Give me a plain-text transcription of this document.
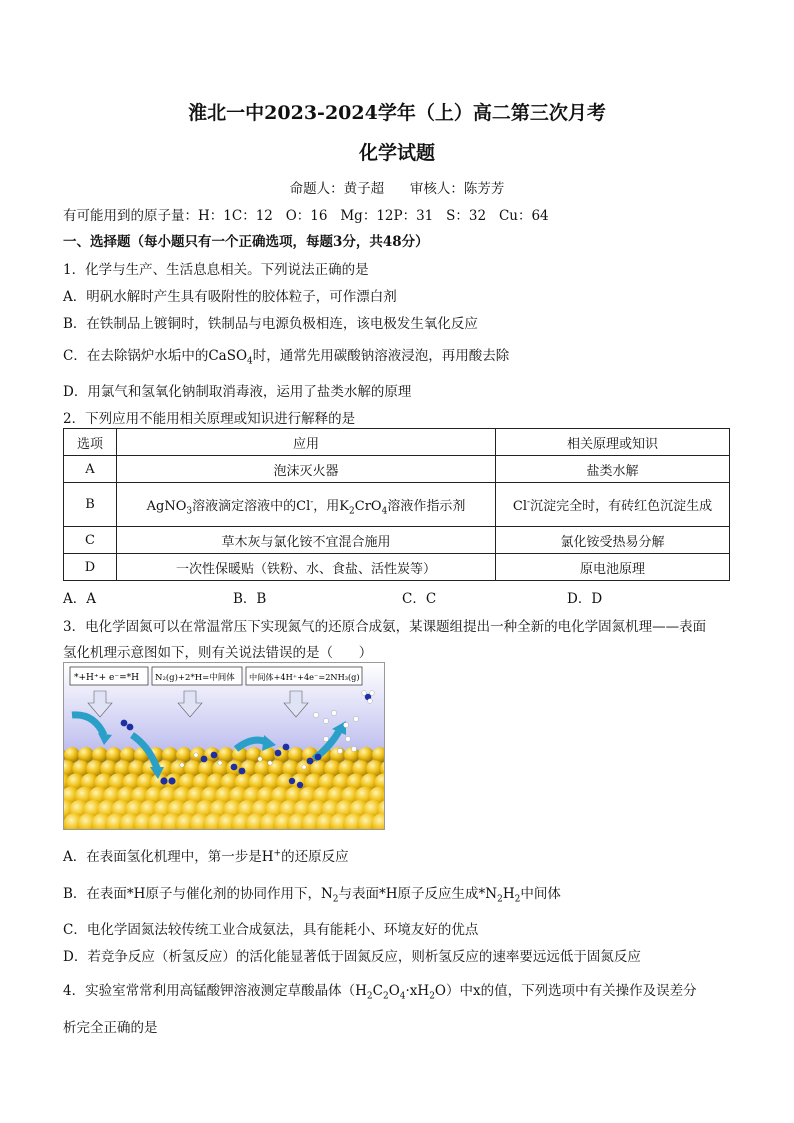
淮北一中2023-2024学年（上）高二第三次月考
化学试题
命题人：黄子超      审核人：陈芳芳
有可能用到的原子量：H：1C：12   O：16   Mg：12P：31   S：32   Cu：64
一、选择题（每小题只有一个正确选项，每题3分，共48分）
1．化学与生产、生活息息相关。下列说法正确的是
A．明矾水解时产生具有吸附性的胶体粒子，可作漂白剂
B．在铁制品上镀铜时，铁制品与电源负极相连，该电极发生氧化反应
C．在去除锅炉水垢中的CaSO$_4$时，通常先用碳酸钠溶液浸泡，再用酸去除
D．用氯气和氢氧化钠制取消毒液，运用了盐类水解的原理
2．下列应用不能用相关原理或知识进行解释的是
选项	应用	相关原理或知识
A	泡沫灭火器	盐类水解
B	AgNO$_3$溶液滴定溶液中的Cl-，用$K_2CrO_4$溶液作指示剂	Cl-沉淀完全时，有砖红色沉淀生成
C	草木灰与氯化铵不宜混合施用	氯化铵受热易分解
D	一次性保暖贴（铁粉、水、食盐、活性炭等）	原电池原理
A．A	B．B	C．C	D．D
3．电化学固氮可以在常温常压下实现氮气的还原合成氨，某课题组提出一种全新的电化学固氮机理——表面
氢化机理示意图如下，则有关说法错误的是（      ）
*+H⁺+ e⁻=*H N₂(g)+2*H=中间体 中间体+4H⁺+4e⁻=2NH₃(g)
A．在表面氢化机理中，第一步是H+的还原反应
B．在表面*H原子与催化剂的协同作用下，$N_2$与表面*H原子反应生成$*N_2H_2$中间体
C．电化学固氮法较传统工业合成氨法，具有能耗小、环境友好的优点
D．若竞争反应（析氢反应）的活化能显著低于固氮反应，则析氢反应的速率要远远低于固氮反应
4．实验室常常利用高锰酸钾溶液测定草酸晶体$(H_2C_2O_4\cdot xH_2O)$中x的值，下列选项中有关操作及误差分
析完全正确的是
